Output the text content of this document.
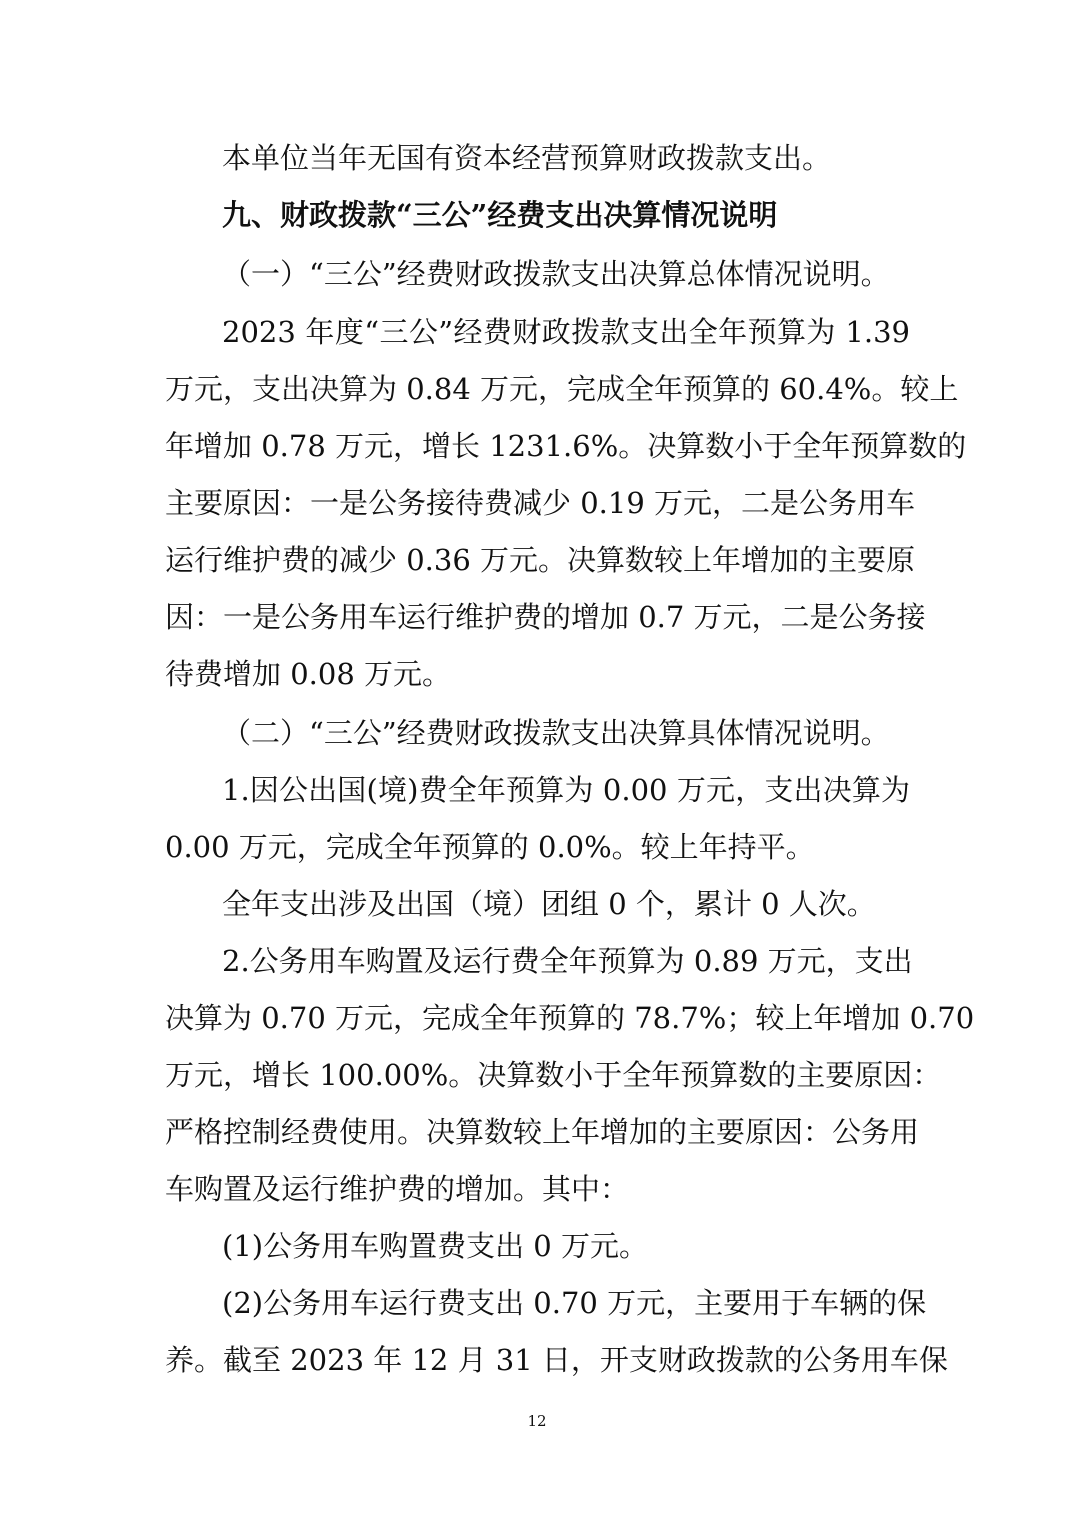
本单位当年无国有资本经营预算财政拨款支出。

九、财政拨款“三公”经费支出决算情况说明

（一）“三公”经费财政拨款支出决算总体情况说明。

2023 年度“三公”经费财政拨款支出全年预算为 1.39

万元，支出决算为 0.84 万元，完成全年预算的 60.4%。较上

年增加 0.78 万元，增长 1231.6%。决算数小于全年预算数的

主要原因：一是公务接待费减少 0.19 万元，二是公务用车

运行维护费的减少 0.36 万元。决算数较上年增加的主要原

因：一是公务用车运行维护费的增加 0.7 万元，二是公务接

待费增加 0.08 万元。

（二）“三公”经费财政拨款支出决算具体情况说明。

1.因公出国(境)费全年预算为 0.00 万元，支出决算为

0.00 万元，完成全年预算的 0.0%。较上年持平。

全年支出涉及出国（境）团组 0 个，累计 0 人次。

2.公务用车购置及运行费全年预算为 0.89 万元，支出

决算为 0.70 万元，完成全年预算的 78.7%；较上年增加 0.70

万元，增长 100.00%。决算数小于全年预算数的主要原因：

严格控制经费使用。决算数较上年增加的主要原因：公务用

车购置及运行维护费的增加。其中：

(1)公务用车购置费支出 0 万元。

(2)公务用车运行费支出 0.70 万元，主要用于车辆的保

养。截至 2023 年 12 月 31 日，开支财政拨款的公务用车保

12
